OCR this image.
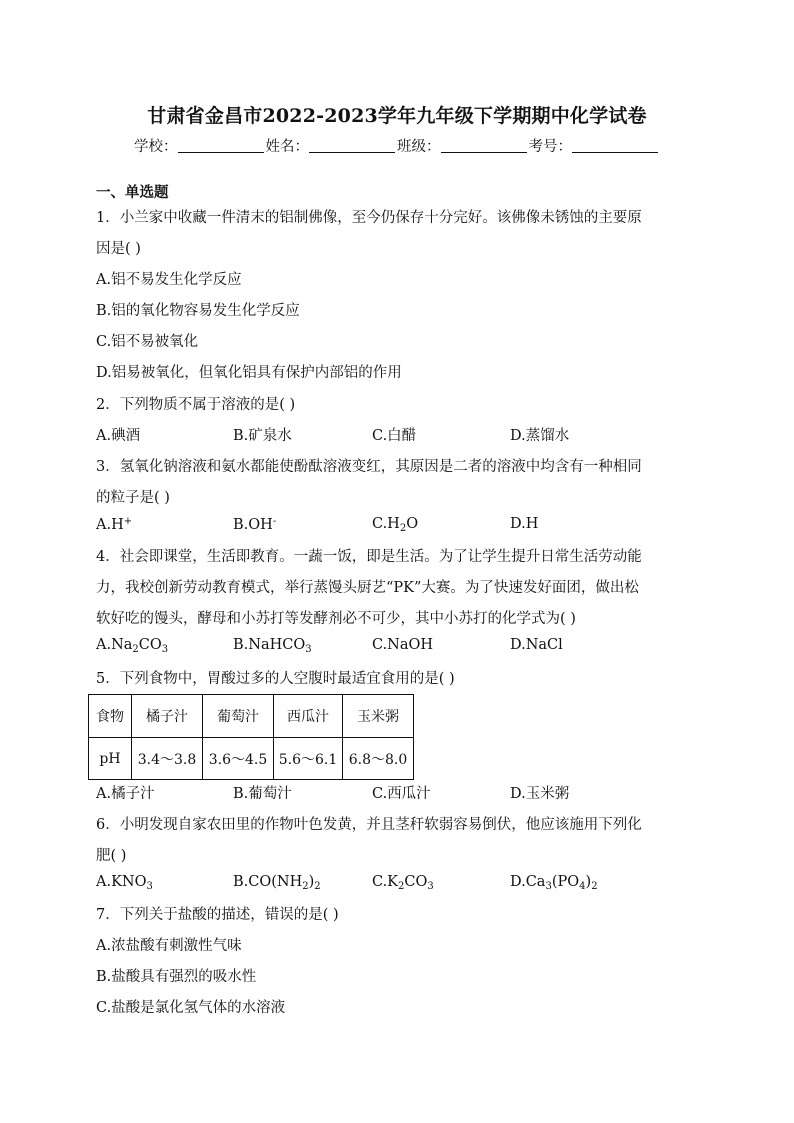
甘肃省金昌市2022-2023学年九年级下学期期中化学试卷
学校：	姓名：	班级：	考号：
一、单选题
1．小兰家中收藏一件清末的铝制佛像，至今仍保存十分完好。该佛像未锈蚀的主要原
因是( )
A.铝不易发生化学反应
B.铝的氧化物容易发生化学反应
C.铝不易被氧化
D.铝易被氧化，但氧化铝具有保护内部铝的作用
2．下列物质不属于溶液的是( )
A.碘酒	B.矿泉水	C.白醋	D.蒸馏水
3．氢氧化钠溶液和氨水都能使酚酞溶液变红，其原因是二者的溶液中均含有一种相同
的粒子是( )
A.H+	B.OH-	$C.H_2O$	D.H
4．社会即课堂，生活即教育。一蔬一饭，即是生活。为了让学生提升日常生活劳动能
力，我校创新劳动教育模式，举行蒸馒头厨艺“PK”大赛。为了快速发好面团，做出松
软好吃的馒头，酵母和小苏打等发酵剂必不可少，其中小苏打的化学式为( )
$A.Na_2CO_3$	B.NaHCO$_3$	C.NaOH	D.NaCl
5．下列食物中，胃酸过多的人空腹时最适宜食用的是( )
食物	橘子汁	葡萄汁	西瓜汁	玉米粥
pH	3.4～3.8	3.6～4.5	5.6～6.1	6.8～8.0
A.橘子汁	B.葡萄汁	C.西瓜汁	D.玉米粥
6．小明发现自家农田里的作物叶色发黄，并且茎秆软弱容易倒伏，他应该施用下列化
肥( )
$A.KNO_3$	$B.CO(NH_2)_2$	$C.K_2CO_3$	$D.Ca_3(PO_4)_2$
7．下列关于盐酸的描述，错误的是( )
A.浓盐酸有刺激性气味
B.盐酸具有强烈的吸水性
C.盐酸是氯化氢气体的水溶液
